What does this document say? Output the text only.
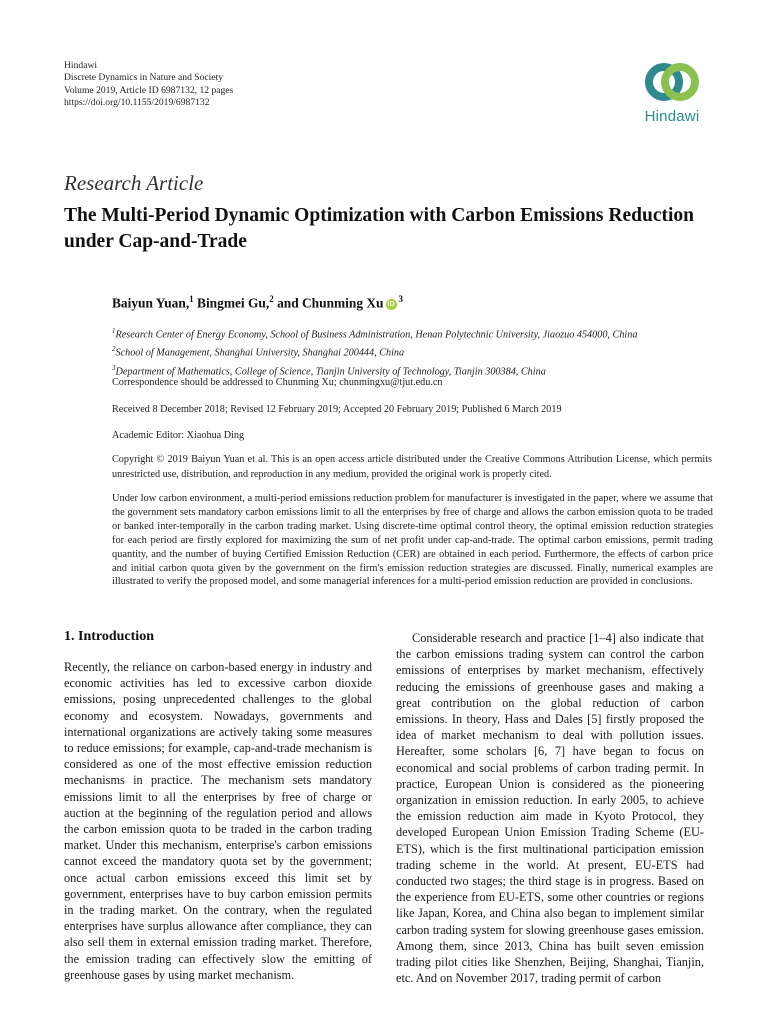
Hindawi
Discrete Dynamics in Nature and Society
Volume 2019, Article ID 6987132, 12 pages
https://doi.org/10.1155/2019/6987132
Hindawi
Research Article
The Multi-Period Dynamic Optimization with Carbon Emissions Reduction under Cap-and-Trade
Baiyun Yuan,$^1$ Bingmei Gu,$^2$ and Chunming Xu $iD^3$
$^1$Research Center of Energy Economy, School of Business Administration, Henan Polytechnic University, Jiaozuo 454000, China
$^2$School of Management, Shanghai University, Shanghai 200444, China
$^3$Department of Mathematics, College of Science, Tianjin University of Technology, Tianjin 300384, China
Correspondence should be addressed to Chunming Xu; chunmingxu@tjut.edu.cn
Received 8 December 2018; Revised 12 February 2019; Accepted 20 February 2019; Published 6 March 2019
Academic Editor: Xiaohua Ding
Copyright © 2019 Baiyun Yuan et al. This is an open access article distributed under the Creative Commons Attribution License, which permits unrestricted use, distribution, and reproduction in any medium, provided the original work is properly cited.
Under low carbon environment, a multi-period emissions reduction problem for manufacturer is investigated in the paper, where we assume that the government sets mandatory carbon emissions limit to all the enterprises by free of charge and allows the carbon emission quota to be traded or banked inter-temporally in the carbon trading market. Using discrete-time optimal control theory, the optimal emission reduction strategies for each period are firstly explored for maximizing the sum of net profit under cap-and-trade. The optimal carbon emissions, permit trading quantity, and the number of buying Certified Emission Reduction (CER) are obtained in each period. Furthermore, the effects of carbon price and initial carbon quota given by the government on the firm's emission reduction strategies are discussed. Finally, numerical examples are illustrated to verify the proposed model, and some managerial inferences for a multi-period emission reduction are provided in conclusions.
1. Introduction
Recently, the reliance on carbon-based energy in industry and economic activities has led to excessive carbon dioxide emissions, posing unprecedented challenges to the global economy and ecosystem. Nowadays, governments and international organizations are actively taking some measures to reduce emissions; for example, cap-and-trade mechanism is considered as one of the most effective emission reduction mechanisms in practice. The mechanism sets mandatory emissions limit to all the enterprises by free of charge or auction at the beginning of the regulation period and allows the carbon emission quota to be traded in the carbon trading market. Under this mechanism, enterprise's carbon emissions cannot exceed the mandatory quota set by the government; once actual carbon emissions exceed this limit set by government, enterprises have to buy carbon emission permits in the trading market. On the contrary, when the regulated enterprises have surplus allowance after compliance, they can also sell them in external emission trading market. Therefore, the emission trading can effectively slow the emitting of greenhouse gases by using market mechanism.
Considerable research and practice [1–4] also indicate that the carbon emissions trading system can control the carbon emissions of enterprises by market mechanism, effectively reducing the emissions of greenhouse gases and making a great contribution on the global reduction of carbon emissions. In theory, Hass and Dales [5] firstly proposed the idea of market mechanism to deal with pollution issues. Hereafter, some scholars [6, 7] have began to focus on economical and social problems of carbon trading permit. In practice, European Union is considered as the pioneering organization in emission reduction. In early 2005, to achieve the emission reduction aim made in Kyoto Protocol, they developed European Union Emission Trading Scheme (EU-ETS), which is the first multinational participation emission trading scheme in the world. At present, EU-ETS had conducted two stages; the third stage is in progress. Based on the experience from EU-ETS, some other countries or regions like Japan, Korea, and China also began to implement similar carbon trading system for slowing greenhouse gases emission. Among them, since 2013, China has built seven emission trading pilot cities like Shenzhen, Beijing, Shanghai, Tianjin, etc. And on November 2017, trading permit of carbon
